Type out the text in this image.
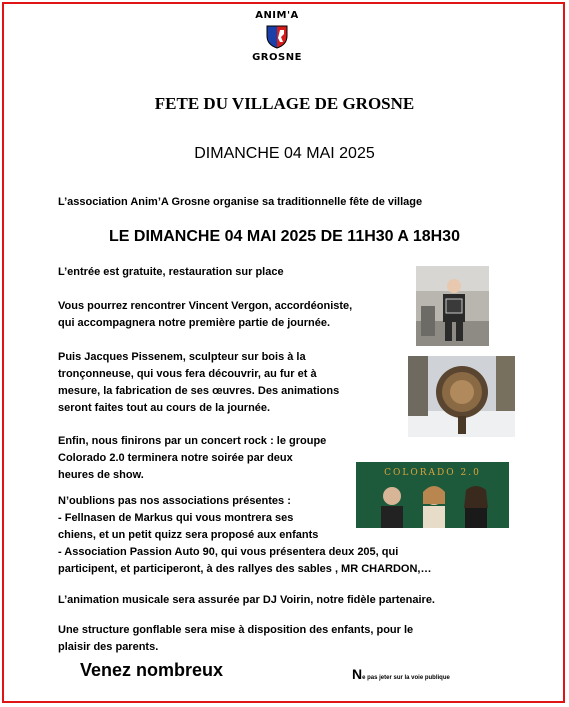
ANIM'A
GROSNE
FETE DU VILLAGE DE GROSNE
DIMANCHE 04 MAI 2025
L’association Anim’A Grosne organise sa traditionnelle fête de village
LE DIMANCHE 04 MAI 2025 DE 11H30 A 18H30
L’entrée est gratuite, restauration sur place
Vous pourrez rencontrer Vincent Vergon, accordéoniste,
qui accompagnera notre première partie de journée.
Puis Jacques Pissenem, sculpteur sur bois à la
tronçonneuse, qui vous fera découvrir, au fur et à
mesure, la fabrication de ses œuvres. Des animations
seront faites tout au cours de la journée.
Enfin, nous finirons par un concert rock : le groupe
Colorado 2.0 terminera notre soirée par deux
heures de show.
N’oublions pas nos associations présentes :
- Fellnasen de Markus qui vous montrera ses
chiens, et un petit quizz sera proposé aux enfants
- Association Passion Auto 90, qui vous présentera deux 205, qui
participent, et participeront, à des rallyes des sables , MR CHARDON,…
L’animation musicale sera assurée par DJ Voirin, notre fidèle partenaire.
Une structure gonflable sera mise à disposition des enfants, pour le
plaisir des parents.
COLORADO 2.0
Venez nombreux	Ne pas jeter sur la voie publique
